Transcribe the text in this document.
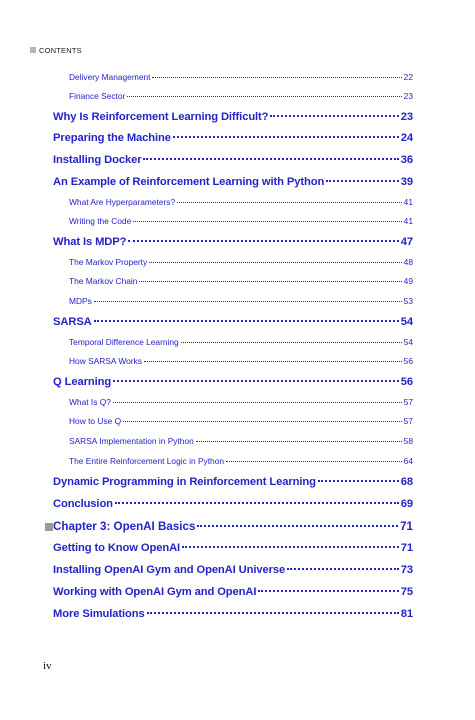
CONTENTS
Delivery Management	22
Finance Sector	23
Why Is Reinforcement Learning Difficult?	23
Preparing the Machine	24
Installing Docker	36
An Example of Reinforcement Learning with Python	39
What Are Hyperparameters?	41
Writing the Code	41
What Is MDP?	47
The Markov Property	48
The Markov Chain	49
MDPs	53
SARSA	54
Temporal Difference Learning	54
How SARSA Works	56
Q Learning	56
What Is Q?	57
How to Use Q	57
SARSA Implementation in Python	58
The Entire Reinforcement Logic in Python	64
Dynamic Programming in Reinforcement Learning	68
Conclusion	69
Chapter 3: OpenAI Basics	71
Getting to Know OpenAI	71
Installing OpenAI Gym and OpenAI Universe	73
Working with OpenAI Gym and OpenAI	75
More Simulations	81
iv
